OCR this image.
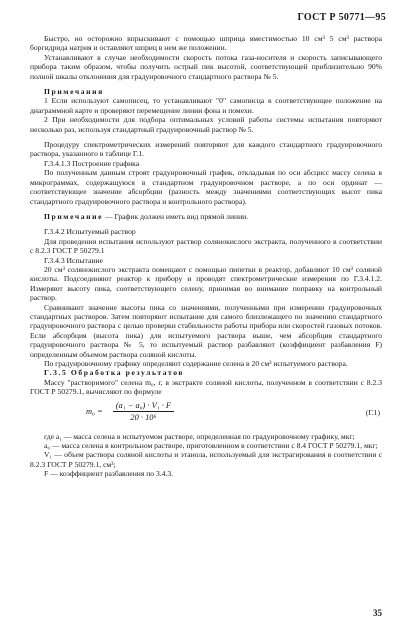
ГОСТ Р 50771—95

Быстро, но осторожно впрыскивают с помощью шприца вместимостью 10 см³ 5 см³ раствора боргидрида натрия и оставляют шприц в нем же положении.

Устанавливают в случае необходимости скорость потока газа-носителя и скорость записывающего прибора таким образом, чтобы получить острый пик высотой, соответствующей приблизительно 90% полной шкалы отклонения для градуировочного стандартного раствора № 5.

Примечания

1 Если используют самописец, то устанавливают "0" самописца в соответствующее положение на диаграммной карте и проверяют перемещение линии фона и помехи.

2 При необходимости для подбора оптимальных условий работы системы испытания повторяют несколько раз, используя стандартный градуировочный раствор № 5.

Процедуру спектрометрических измерений повторяют для каждого стандартного градуировочного раствора, указанного в таблице Г.1.

Г.3.4.1.3 Построение графика

По полученным данным строят градуировочный график, откладывая по оси абсцисс массу селена в микрограммах, содержащуюся в стандартном градуировочном растворе, а по оси ординат — соответствующее значение абсорбции (разность между значениями соответствующих высот пика стандартного градуировочного раствора и контрольного раствора).

Примечание — График должен иметь вид прямой линии.

Г.3.4.2 Испытуемый раствор

Для проведения испытания используют раствор солянокислого экстракта, полученного в соответствии с 8.2.3 ГОСТ Р 50279.1

Г.3.4.3 Испытание

20 см³ солянокислого экстракта помещают с помощью пипетки в реактор, добавляют 10 см³ соляной кислоты. Подсоединяют реактор к прибору и проводят спектрометрические измерения по Г.3.4.1.2. Измеряют высоту пика, соответствующего селену, принимая во внимание поправку на контрольный раствор.

Сравнивают значение высоты пика со значениями, полученными при измерении градуировочных стандартных растворов. Затем повторяют испытание для самого близлежащего по значению стандартного градуировочного раствора с целью проверки стабильности работы прибора или скоростей газовых потоков. Если абсорбция (высота пика) для испытуемого раствора выше, чем абсорбция стандартного градуировочного раствора № 5, то испытуемый раствор разбавляют (коэффициент разбавления F) определенным объемом раствора соляной кислоты.

По градуировочному графику определяют содержание селена в 20 см³ испытуемого раствора.

Г.3.5 Обработка результатов

Массу "растворимого" селена m₀, г, в экстракте соляной кислоты, полученном в соответствии с 8.2.3 ГОСТ Р 50279.1, вычисляют по формуле

$m_0 = \frac{\text{(a₁ − a₀) · V₁ · F}}{\text{20 · 10⁶}}$	(Г.1)

где a₁ — масса селена в испытуемом растворе, определенная по градуировочному графику, мкг;

a₀ — масса селена в контрольном растворе, приготовленном в соответствии с 8.4 ГОСТ Р 50279.1, мкг;

V₁ — объем раствора соляной кислоты и этанола, используемый для экстрагирования в соответствии с 8.2.3 ГОСТ Р 50279.1, см³;

F — коэффициент разбавления по 3.4.3.

35
